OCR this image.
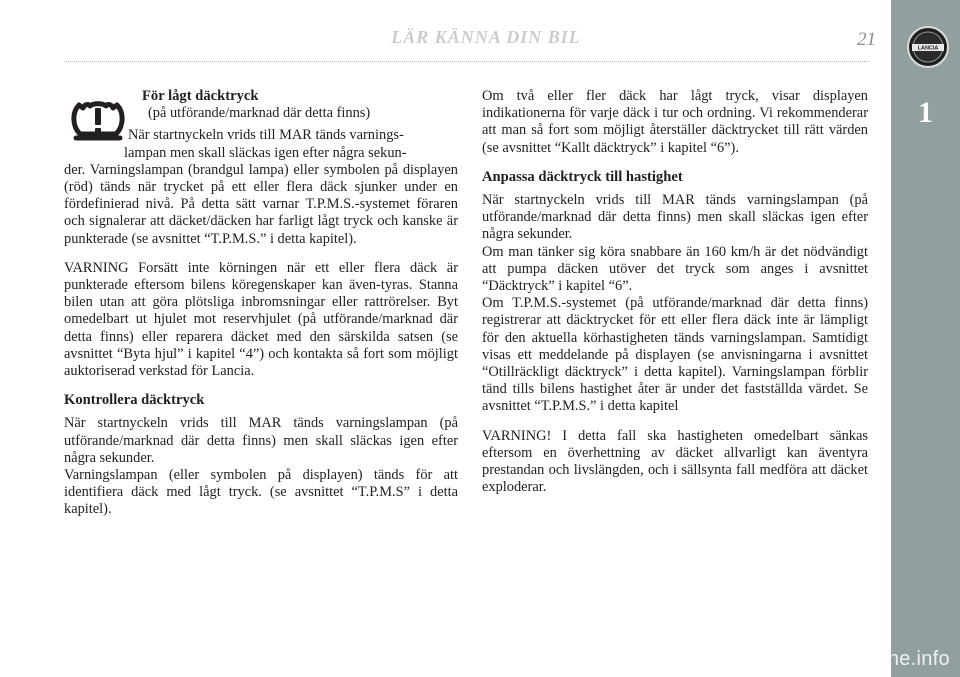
LÄR KÄNNA DIN BIL	21	LANCIA
1

För lågt däcktryck

(på utförande/marknad där detta finns)

När startnyckeln vrids till MAR tänds varnings-

lampan men skall släckas igen efter några sekun-

der. Varningslampan (brandgul lampa) eller symbolen på displayen (röd) tänds när trycket på ett eller flera däck sjunker under en fördefinierad nivå. På detta sätt varnar T.P.M.S.-systemet föraren och signalerar att däcket/däcken har farligt lågt tryck och kanske är punkterade (se avsnittet “T.P.M.S.” i detta kapitel).

VARNING Forsätt inte körningen när ett eller flera däck är punkterade eftersom bilens köregenskaper kan även-tyras. Stanna bilen utan att göra plötsliga inbromsningar eller rattrörelser. Byt omedelbart ut hjulet mot reservhjulet (på utförande/marknad där detta finns) eller reparera däcket med den särskilda satsen (se avsnittet “Byta hjul” i kapitel “4”) och kontakta så fort som möjligt auktoriserad verkstad för Lancia.

Kontrollera däcktryck

När startnyckeln vrids till MAR tänds varningslampan (på utförande/marknad där detta finns) men skall släckas igen efter några sekunder.

Varningslampan (eller symbolen på displayen) tänds för att identifiera däck med lågt tryck. (se avsnittet “T.P.M.S” i detta kapitel).

Om två eller fler däck har lågt tryck, visar displayen indikationerna för varje däck i tur och ordning. Vi rekommenderar att man så fort som möjligt återställer däcktrycket till rätt värden (se avsnittet “Kallt däcktryck” i kapitel “6”).

Anpassa däcktryck till hastighet

När startnyckeln vrids till MAR tänds varningslampan (på utförande/marknad där detta finns) men skall släckas igen efter några sekunder.

Om man tänker sig köra snabbare än 160 km/h är det nödvändigt att pumpa däcken utöver det tryck som anges i avsnittet “Däcktryck” i kapitel “6”.

Om T.P.M.S.-systemet (på utförande/marknad där detta finns) registrerar att däcktrycket för ett eller flera däck inte är lämpligt för den aktuella körhastigheten tänds varningslampan. Samtidigt visas ett meddelande på displayen (se anvisningarna i avsnittet “Otillräckligt däcktryck” i detta kapitel). Varningslampan förblir tänd tills bilens hastighet åter är under det fastställda värdet. Se avsnittet “T.P.M.S.” i detta kapitel

VARNING! I detta fall ska hastigheten omedelbart sänkas eftersom en överhettning av däcket allvarligt kan äventyra prestandan och livslängden, och i sällsynta fall medföra att däcket exploderar.

carmanualsonline.info
